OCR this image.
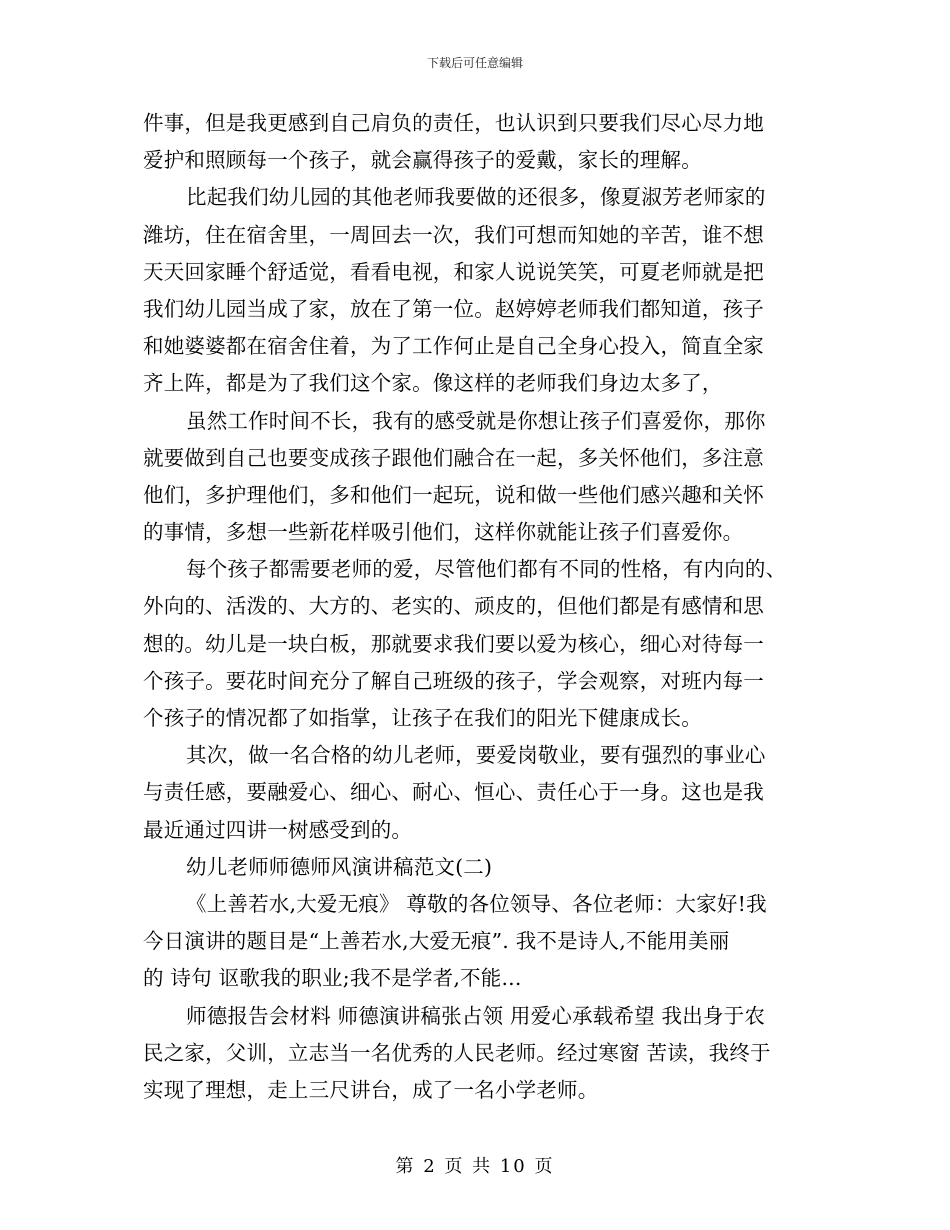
下载后可任意编辑
件事，但是我更感到自己肩负的责任，也认识到只要我们尽心尽力地
爱护和照顾每一个孩子，就会赢得孩子的爱戴，家长的理解。
比起我们幼儿园的其他老师我要做的还很多，像夏淑芳老师家的
潍坊，住在宿舍里，一周回去一次，我们可想而知她的辛苦，谁不想
天天回家睡个舒适觉，看看电视，和家人说说笑笑，可夏老师就是把
我们幼儿园当成了家，放在了第一位。赵婷婷老师我们都知道，孩子
和她婆婆都在宿舍住着，为了工作何止是自己全身心投入，简直全家
齐上阵，都是为了我们这个家。像这样的老师我们身边太多了，
虽然工作时间不长，我有的感受就是你想让孩子们喜爱你，那你
就要做到自己也要变成孩子跟他们融合在一起，多关怀他们，多注意
他们，多护理他们，多和他们一起玩，说和做一些他们感兴趣和关怀
的事情，多想一些新花样吸引他们，这样你就能让孩子们喜爱你。
每个孩子都需要老师的爱，尽管他们都有不同的性格，有内向的、
外向的、活泼的、大方的、老实的、顽皮的，但他们都是有感情和思
想的。幼儿是一块白板，那就要求我们要以爱为核心，细心对待每一
个孩子。要花时间充分了解自己班级的孩子，学会观察，对班内每一
个孩子的情况都了如指掌，让孩子在我们的阳光下健康成长。
其次，做一名合格的幼儿老师，要爱岗敬业，要有强烈的事业心
与责任感，要融爱心、细心、耐心、恒心、责任心于一身。这也是我
最近通过四讲一树感受到的。
幼儿老师师德师风演讲稿范文(二)
《上善若水,大爱无痕》 尊敬的各位领导、各位老师：大家好!我
今日演讲的题目是“上善若水,大爱无痕”. 我不是诗人,不能用美丽
的 诗句 讴歌我的职业;我不是学者,不能...
师德报告会材料 师德演讲稿张占领 用爱心承载希望 我出身于农
民之家，父训，立志当一名优秀的人民老师。经过寒窗 苦读，我终于
实现了理想，走上三尺讲台，成了一名小学老师。
第 2 页 共 10 页
